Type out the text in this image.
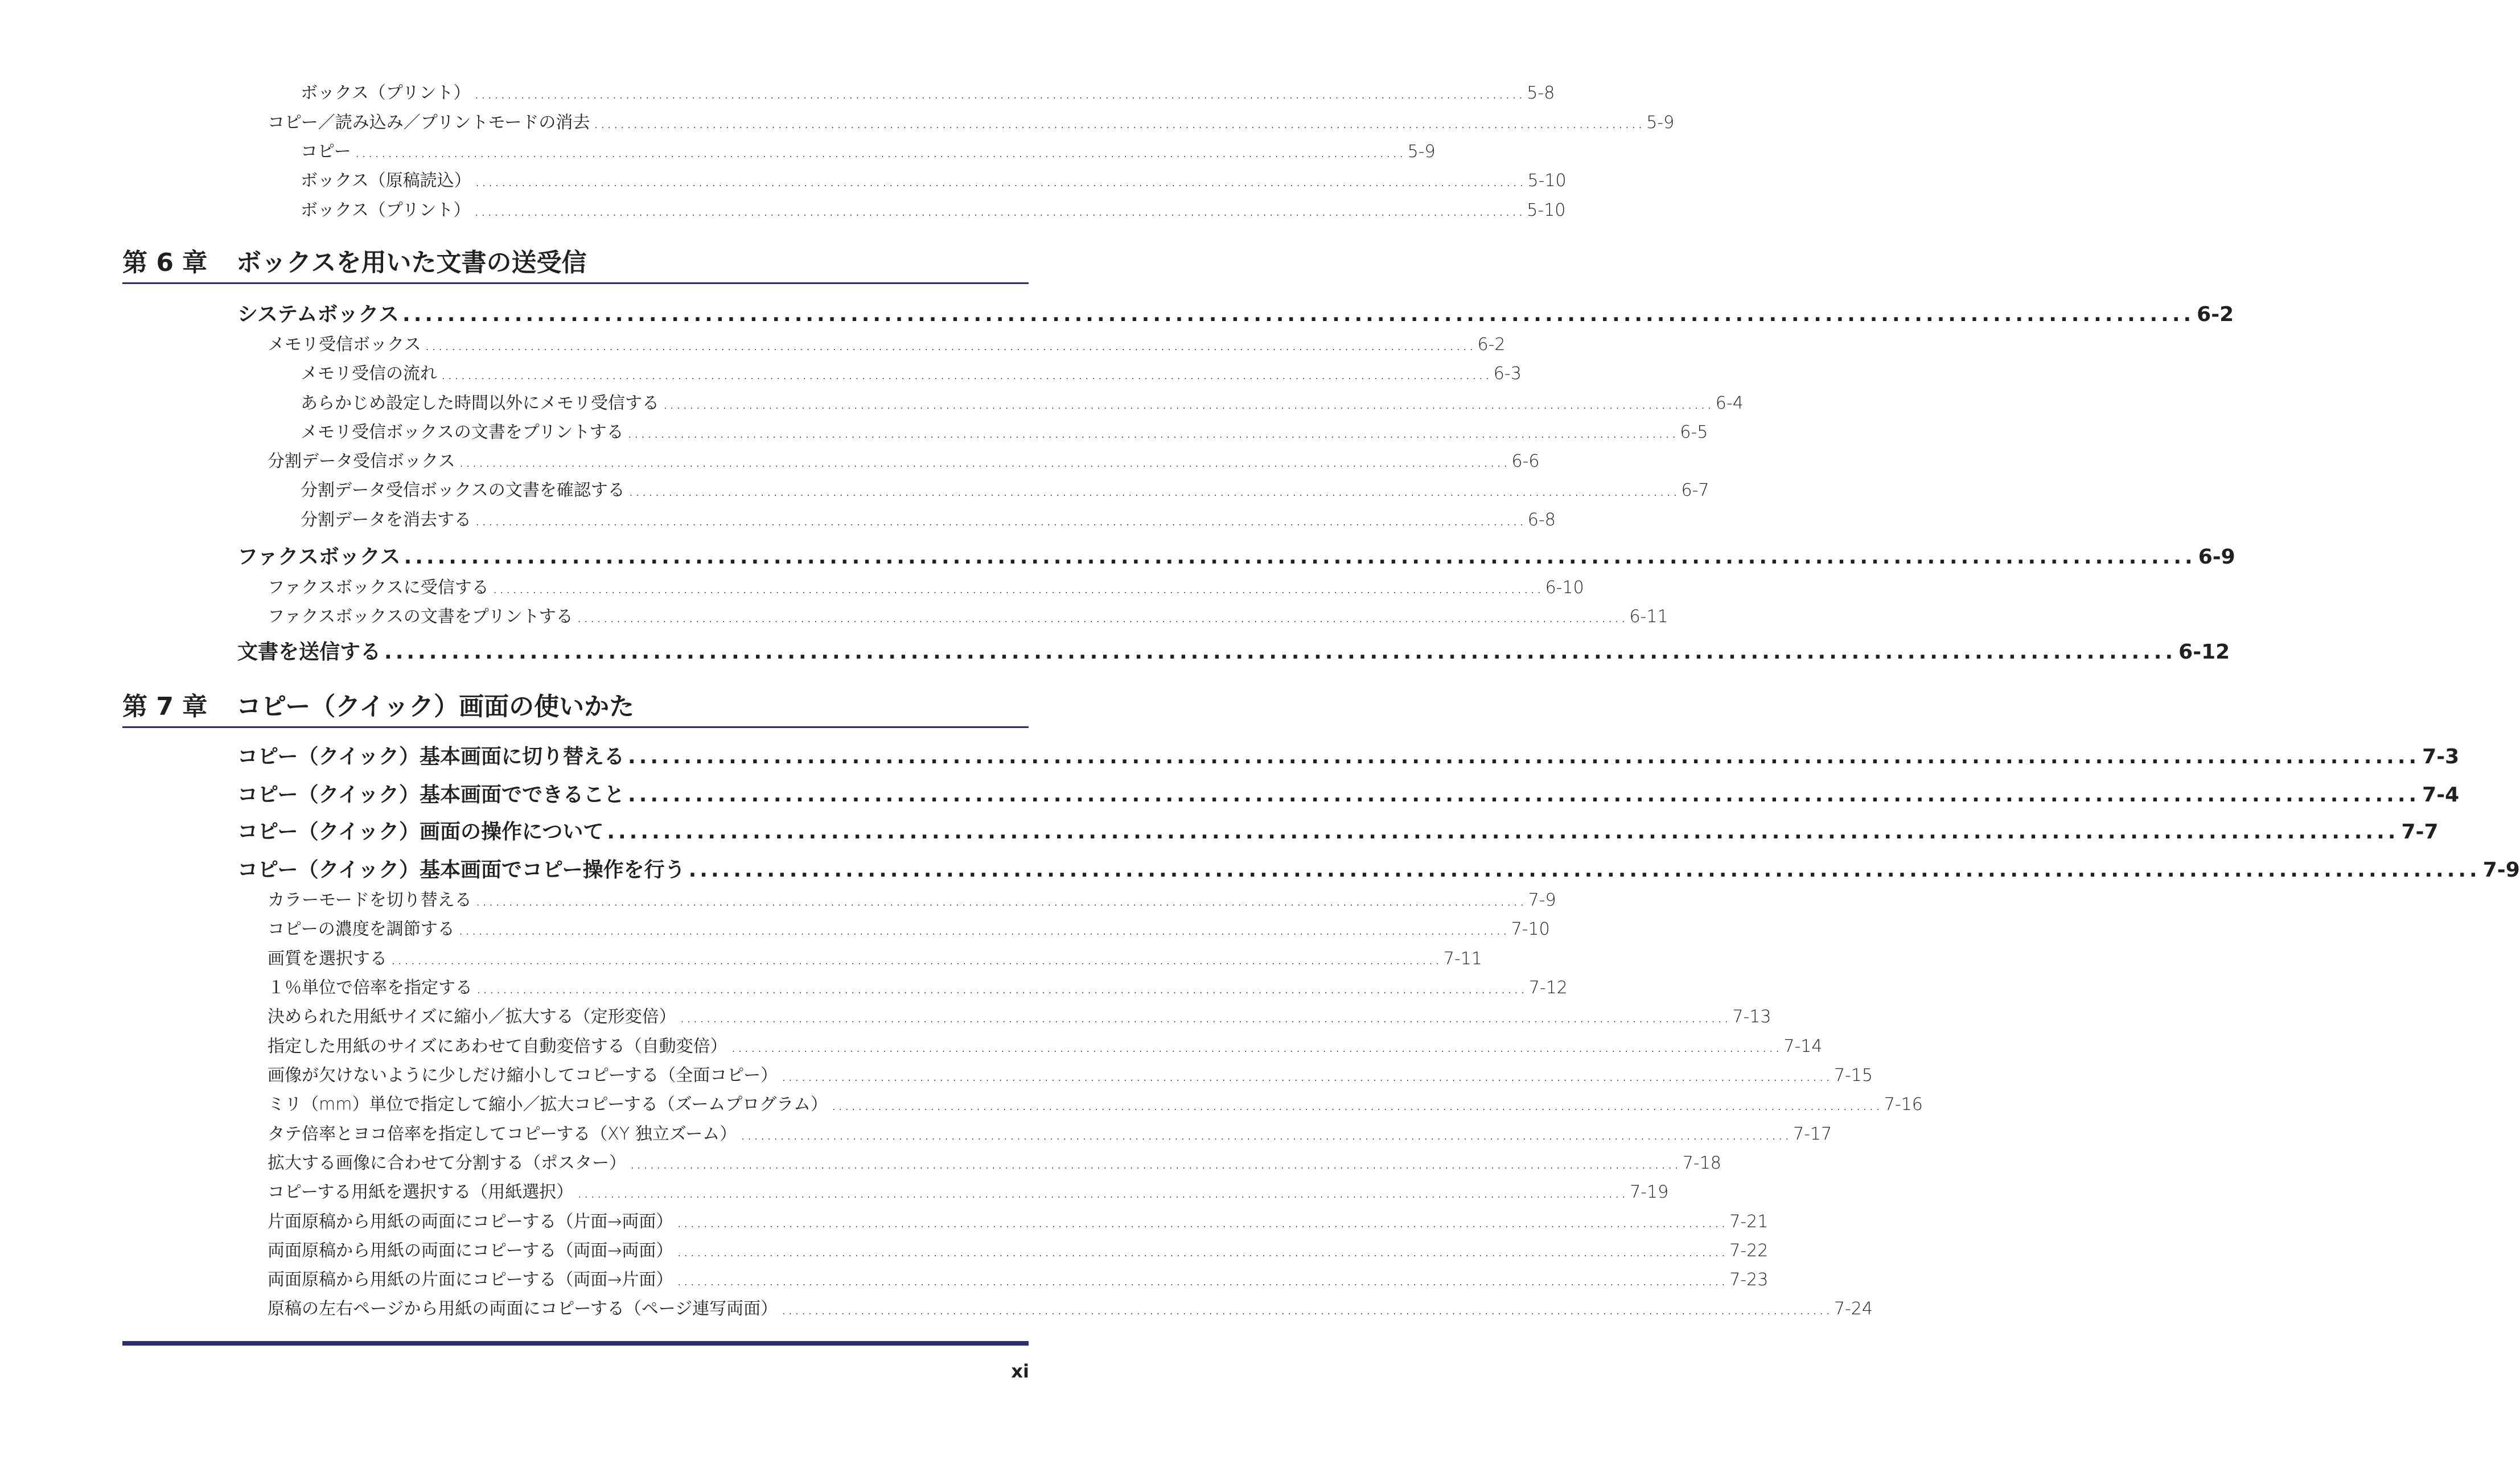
ボックス（プリント） ................................................................................................................................................................ 5-8
コピー／読み込み／プリントモードの消去 ................................................................................................................................................................ 5-9
コピー ................................................................................................................................................................ 5-9
ボックス（原稿読込） ................................................................................................................................................................ 5-10
ボックス（プリント） ................................................................................................................................................................ 5-10
第 6 章 ボックスを用いた文書の送受信
システムボックス ................................................................................................................................................................ 6-2
メモリ受信ボックス ................................................................................................................................................................ 6-2
メモリ受信の流れ ................................................................................................................................................................ 6-3
あらかじめ設定した時間以外にメモリ受信する ................................................................................................................................................................ 6-4
メモリ受信ボックスの文書をプリントする ................................................................................................................................................................ 6-5
分割データ受信ボックス ................................................................................................................................................................ 6-6
分割データ受信ボックスの文書を確認する ................................................................................................................................................................ 6-7
分割データを消去する ................................................................................................................................................................ 6-8
ファクスボックス ................................................................................................................................................................ 6-9
ファクスボックスに受信する ................................................................................................................................................................ 6-10
ファクスボックスの文書をプリントする ................................................................................................................................................................ 6-11
文書を送信する ................................................................................................................................................................ 6-12
第 7 章 コピー（クイック）画面の使いかた
コピー（クイック）基本画面に切り替える ................................................................................................................................................................ 7-3
コピー（クイック）基本画面でできること ................................................................................................................................................................ 7-4
コピー（クイック）画面の操作について ................................................................................................................................................................ 7-7
コピー（クイック）基本画面でコピー操作を行う ................................................................................................................................................................ 7-9
カラーモードを切り替える ................................................................................................................................................................ 7-9
コピーの濃度を調節する ................................................................................................................................................................ 7-10
画質を選択する ................................................................................................................................................................ 7-11
１％単位で倍率を指定する ................................................................................................................................................................ 7-12
決められた用紙サイズに縮小／拡大する（定形変倍） ................................................................................................................................................................ 7-13
指定した用紙のサイズにあわせて自動変倍する（自動変倍） ................................................................................................................................................................ 7-14
画像が欠けないように少しだけ縮小してコピーする（全面コピー） ................................................................................................................................................................ 7-15
ミリ（mm）単位で指定して縮小／拡大コピーする（ズームプログラム） ................................................................................................................................................................ 7-16
タテ倍率とヨコ倍率を指定してコピーする（XY 独立ズーム） ................................................................................................................................................................ 7-17
拡大する画像に合わせて分割する（ポスター） ................................................................................................................................................................ 7-18
コピーする用紙を選択する（用紙選択） ................................................................................................................................................................ 7-19
片面原稿から用紙の両面にコピーする（片面→両面） ................................................................................................................................................................ 7-21
両面原稿から用紙の両面にコピーする（両面→両面） ................................................................................................................................................................ 7-22
両面原稿から用紙の片面にコピーする（両面→片面） ................................................................................................................................................................ 7-23
原稿の左右ページから用紙の両面にコピーする（ページ連写両面） ................................................................................................................................................................ 7-24
xi
